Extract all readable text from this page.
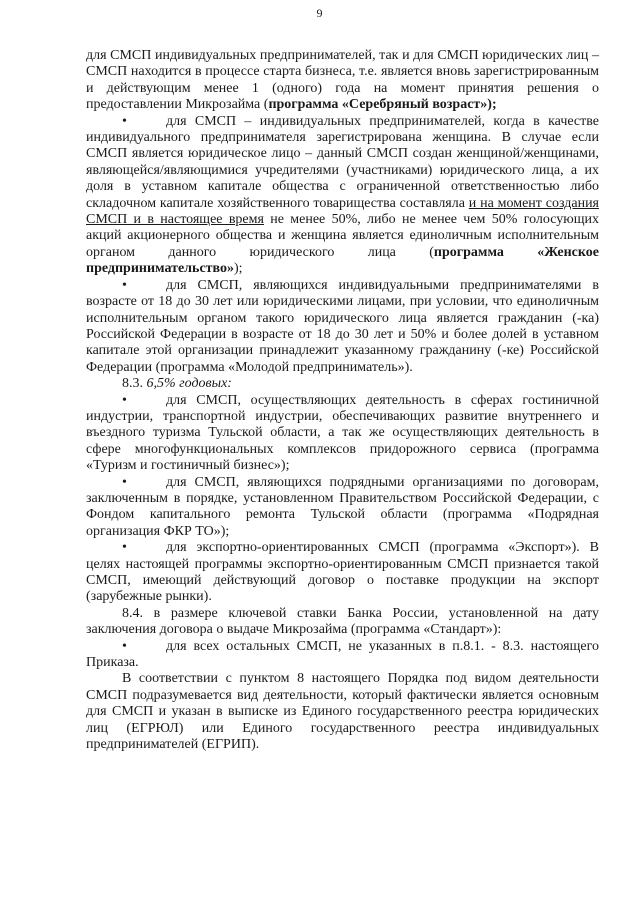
9

для СМСП индивидуальных предпринимателей, так и для СМСП юридических лиц – СМСП находится в процессе старта бизнеса, т.е. является вновь зарегистрированным и действующим менее 1 (одного) года на момент принятия решения о предоставлении Микрозайма (программа «Серебряный возраст»);

•	для СМСП – индивидуальных предпринимателей, когда в качестве индивидуального предпринимателя зарегистрирована женщина. В случае если СМСП является юридическое лицо – данный СМСП создан женщиной/женщинами, являющейся/являющимися учредителями (участниками) юридического лица, а их доля в уставном капитале общества с ограниченной ответственностью либо складочном капитале хозяйственного товарищества составляла и на момент создания СМСП и в настоящее время не менее 50%, либо не менее чем 50% голосующих акций акционерного общества и женщина является единоличным исполнительным органом данного юридического лица (программа «Женское предпринимательство»);

•	для СМСП, являющихся индивидуальными предпринимателями в возрасте от 18 до 30 лет или юридическими лицами, при условии, что единоличным исполнительным органом такого юридического лица является гражданин (-ка) Российской Федерации в возрасте от 18 до 30 лет и 50% и более долей в уставном капитале этой организации принадлежит указанному гражданину (-ке) Российской Федерации (программа «Молодой предприниматель»).

8.3. 6,5% годовых:

•	для СМСП, осуществляющих деятельность в сферах гостиничной индустрии, транспортной индустрии, обеспечивающих развитие внутреннего и въездного туризма Тульской области, а так же осуществляющих деятельность в сфере многофункциональных комплексов придорожного сервиса (программа «Туризм и гостиничный бизнес»);

•	для СМСП, являющихся подрядными организациями по договорам, заключенным в порядке, установленном Правительством Российской Федерации, с Фондом капитального ремонта Тульской области (программа «Подрядная организация ФКР ТО»);

•	для экспортно-ориентированных СМСП (программа «Экспорт»). В целях настоящей программы экспортно-ориентированным СМСП признается такой СМСП, имеющий действующий договор о поставке продукции на экспорт (зарубежные рынки).

8.4. в размере ключевой ставки Банка России, установленной на дату заключения договора о выдаче Микрозайма (программа «Стандарт»):

•	для всех остальных СМСП, не указанных в п.8.1. - 8.3. настоящего Приказа.

В соответствии с пунктом 8 настоящего Порядка под видом деятельности СМСП подразумевается вид деятельности, который фактически является основным для СМСП и указан в выписке из Единого государственного реестра юридических лиц (ЕГРЮЛ) или Единого государственного реестра индивидуальных предпринимателей (ЕГРИП).
